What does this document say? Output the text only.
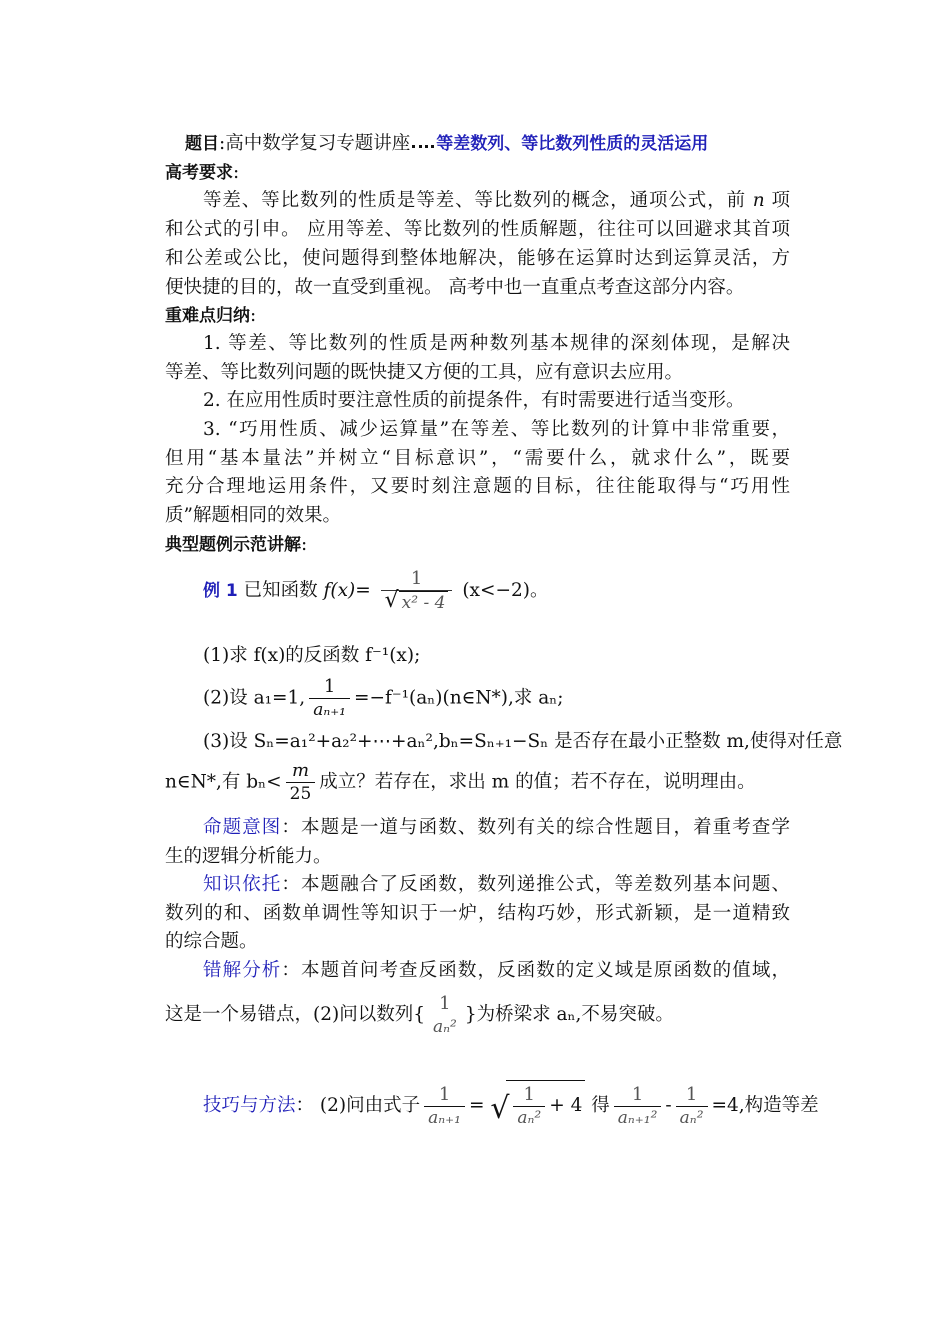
题目:高中数学复习专题讲座 等差数列、等比数列性质的灵活运用
高考要求:
等差、等比数列的性质是等差、等比数列的概念，通项公式，前 n 项
和公式的引申。 应用等差、等比数列的性质解题，往往可以回避求其首项
和公差或公比，使问题得到整体地解决，能够在运算时达到运算灵活，方
便快捷的目的，故一直受到重视。 高考中也一直重点考查这部分内容。
重难点归纳:
1. 等差、等比数列的性质是两种数列基本规律的深刻体现，是解决
等差、等比数列问题的既快捷又方便的工具，应有意识去应用。
2. 在应用性质时要注意性质的前提条件，有时需要进行适当变形。
3. “巧用性质、减少运算量”在等差、等比数列的计算中非常重要，
但用“基本量法”并树立“目标意识”，“需要什么，就求什么”，既要
充分合理地运用条件，又要时刻注意题的目标，往往能取得与“巧用性
质”解题相同的效果。
典型题例示范讲解:
例 1 已知函数 $f(x)= \frac{1}{\text{√ x² - 4}} (x<-2)$。
(1)求 f(x)的反函数 f⁻¹(x);
(2)设 a₁=1, $\frac{1}{\text{aₙ₊₁}}$ =−f⁻¹(aₙ)(n∈N*),求 aₙ;
(3)设 Sₙ=a₁²+a₂²+⋯+aₙ²,bₙ=Sₙ₊₁−Sₙ 是否存在最小正整数 m,使得对任意
n∈N*,有 $b_n< \frac{m}{25}$ 成立？若存在，求出 m 的值；若不存在，说明理由。
命题意图：本题是一道与函数、数列有关的综合性题目，着重考查学
生的逻辑分析能力。
知识依托：本题融合了反函数，数列递推公式，等差数列基本问题、
数列的和、函数单调性等知识于一炉，结构巧妙，形式新颖，是一道精致
的综合题。
错解分析：本题首问考查反函数，反函数的定义域是原函数的值域，
这是一个易错点，(2)问以数列{ $\frac{1}{\text{aₙ²}}$ }为桥梁求 aₙ,不易突破。
技巧与方法： (2)问由式子 $\frac{1}{\text{aₙ₊₁}}$ = √ $\frac{1}{\text{aₙ²}} + 4$ 得 $\frac{1}{\text{aₙ₊₁²}} - \frac{1}{\text{aₙ²}} =4$,构造等差
